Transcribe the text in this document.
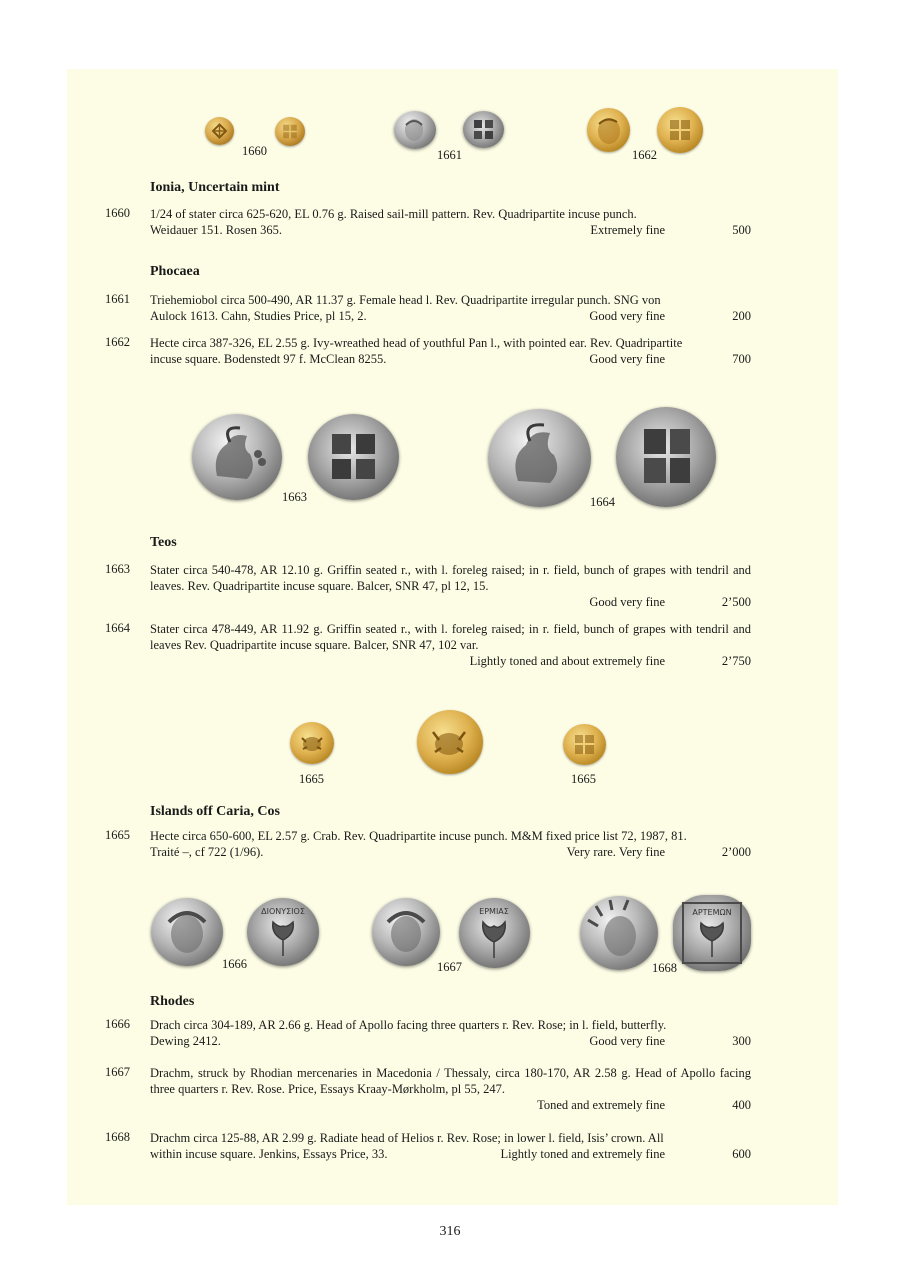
1660	1661	1662
Ionia, Uncertain mint
1660 1/24 of stater circa 625-620, EL 0.76 g. Raised sail-mill pattern. Rev. Quadripartite incuse punch.
Weidauer 151. Rosen 365.	Extremely fine	500
Phocaea
1661 Triehemiobol circa 500-490, AR 11.37 g. Female head l. Rev. Quadripartite irregular punch. SNG von
Aulock 1613. Cahn, Studies Price, pl 15, 2.	Good very fine	200
1662 Hecte circa 387-326, EL 2.55 g. Ivy-wreathed head of youthful Pan l., with pointed ear. Rev. Quadripartite
incuse square. Bodenstedt 97 f. McClean 8255.	Good very fine	700
1663	1664
Teos
1663 Stater circa 540-478, AR 12.10 g. Griffin seated r., with l. foreleg raised; in r. field, bunch of grapes with tendril and leaves. Rev. Quadripartite incuse square. Balcer, SNR 47, pl 12, 15.
Good very fine	2’500
1664 Stater circa 478-449, AR 11.92 g. Griffin seated r., with l. foreleg raised; in r. field, bunch of grapes with tendril and leaves Rev. Quadripartite incuse square. Balcer, SNR 47, 102 var.
Lightly toned and about extremely fine	2’750
1665	1665
Islands off Caria, Cos
1665 Hecte circa 650-600, EL 2.57 g. Crab. Rev. Quadripartite incuse punch. M&M fixed price list 72, 1987, 81.
Traité –, cf 722 (1/96).	Very rare. Very fine	2’000
ΔΙΟΝΥΣΙΟΣ
1666
ΕΡΜΙΑΣ
1667
ΑΡΤΕΜΩΝ
1668
Rhodes
1666 Drach circa 304-189, AR 2.66 g. Head of Apollo facing three quarters r. Rev. Rose; in l. field, butterfly.
Dewing 2412.	Good very fine	300
1667 Drachm, struck by Rhodian mercenaries in Macedonia / Thessaly, circa 180-170, AR 2.58 g. Head of Apollo facing three quarters r. Rev. Rose. Price, Essays Kraay-Mørkholm, pl 55, 247.
Toned and extremely fine	400
1668 Drachm circa 125-88, AR 2.99 g. Radiate head of Helios r. Rev. Rose; in lower l. field, Isis’ crown. All
within incuse square. Jenkins, Essays Price, 33.	Lightly toned and extremely fine	600
316
